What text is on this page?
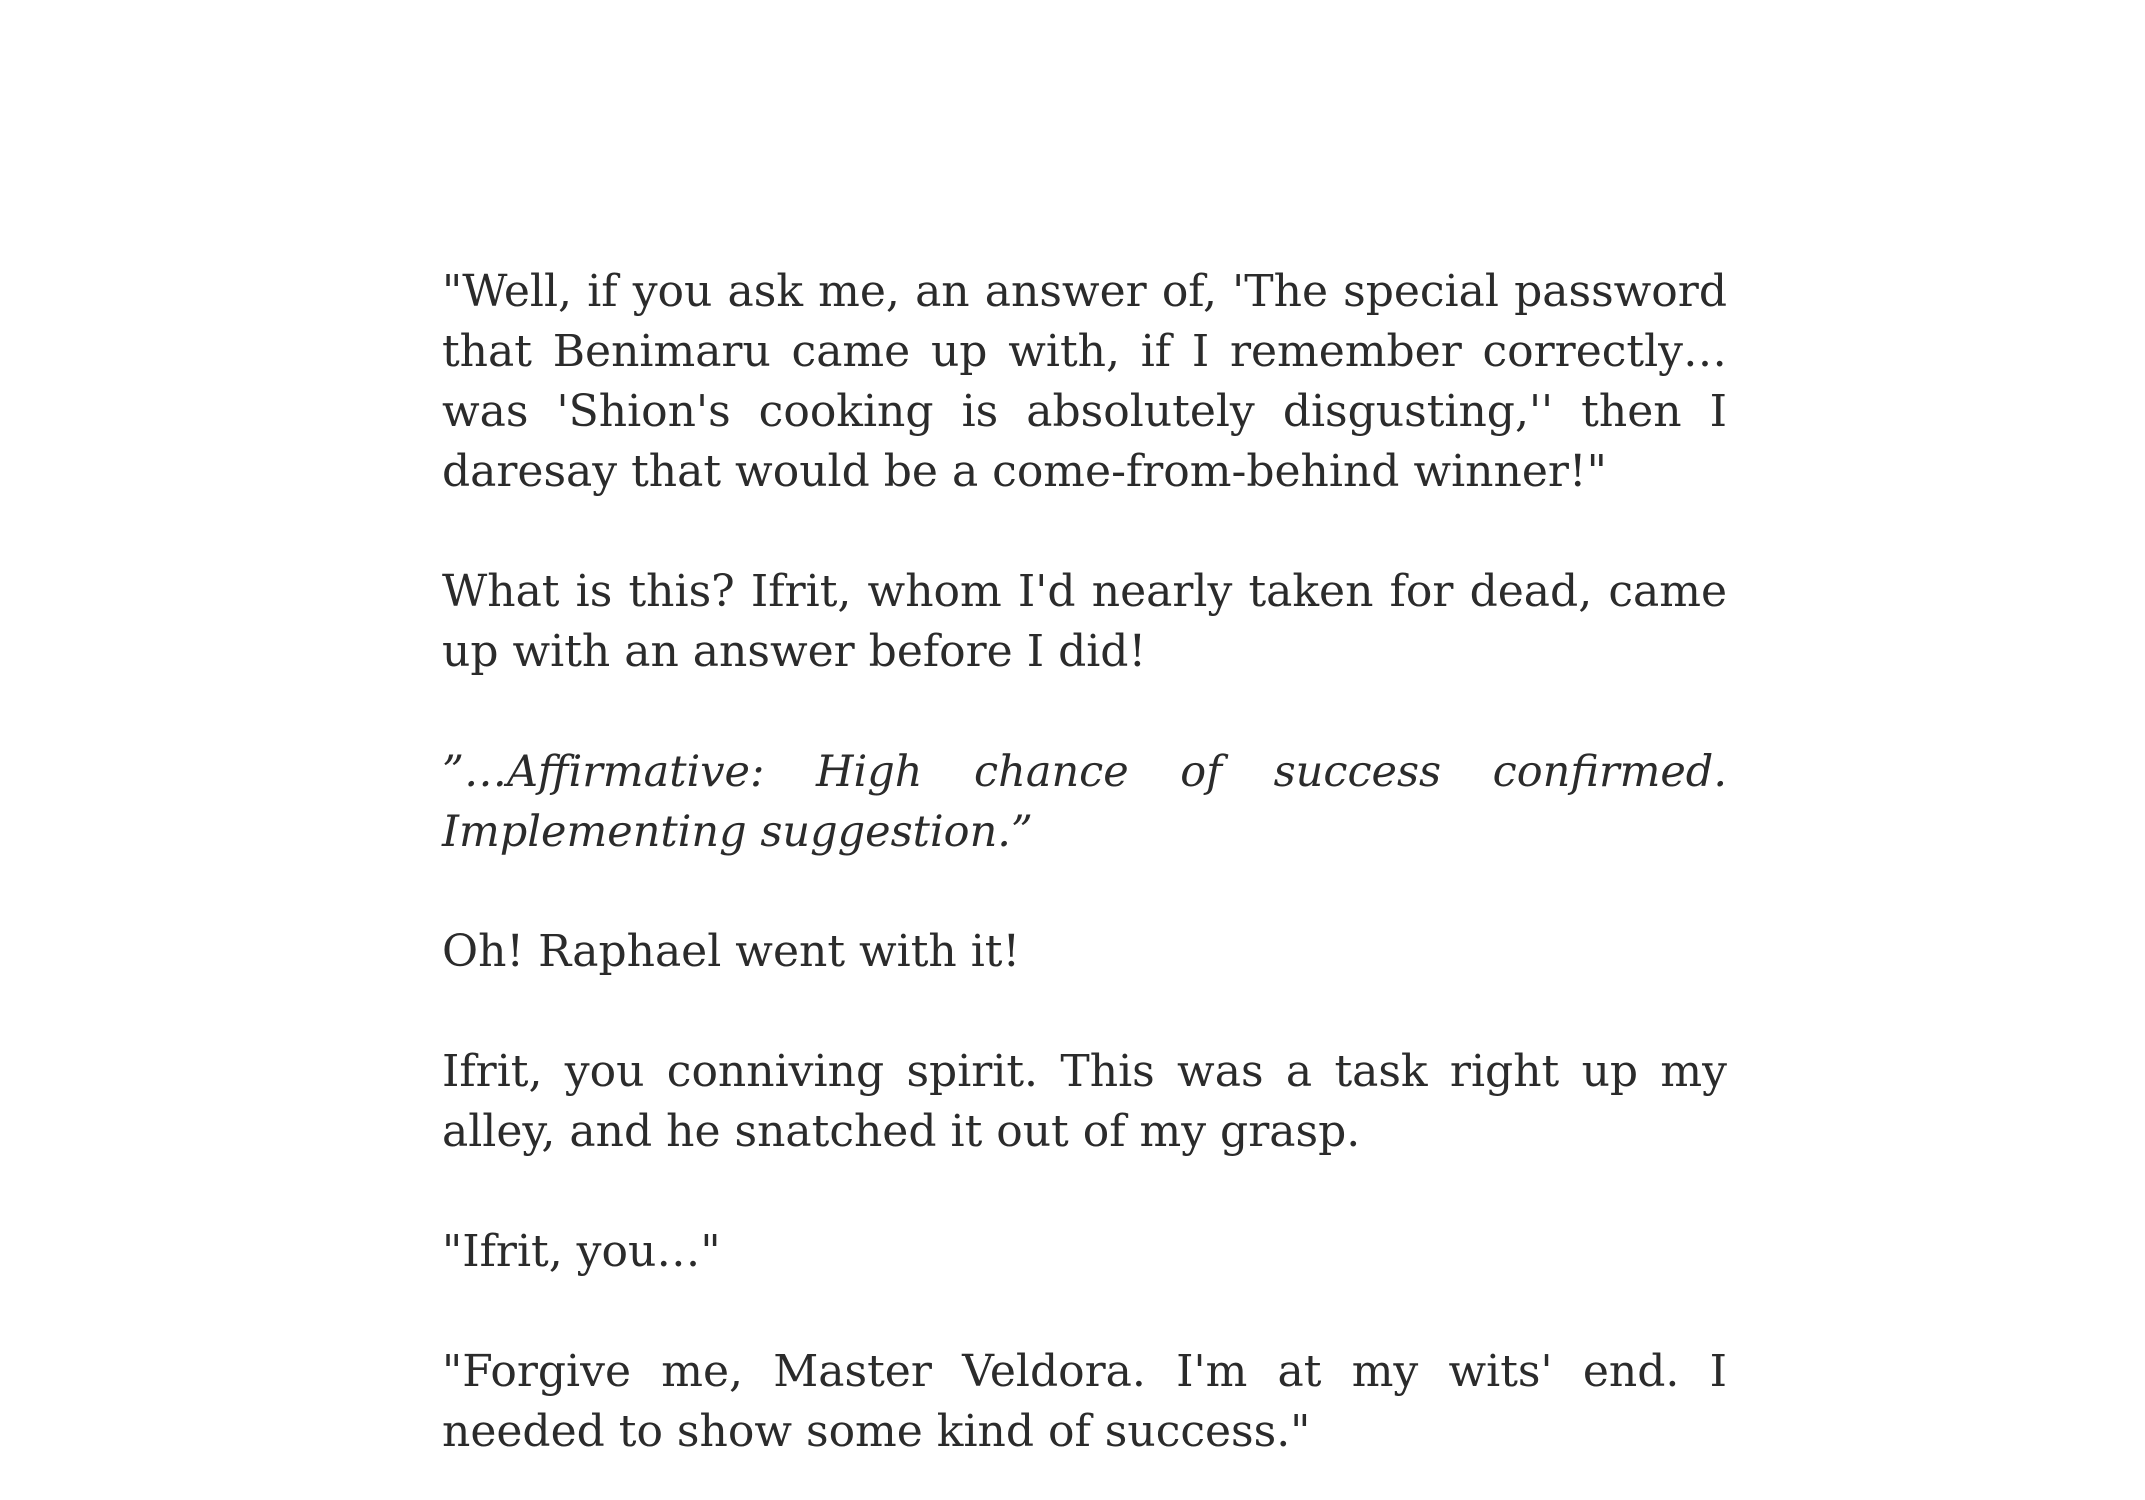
"Well, if you ask me, an answer of, 'The special password that Benimaru came up with, if I remember correctly…was 'Shion's cooking is absolutely disgusting,'' then I daresay that would be a come-from-behind winner!"

What is this? Ifrit, whom I'd nearly taken for dead, came up with an answer before I did!

”…Affirmative: High chance of success confirmed. Implementing suggestion.”

Oh! Raphael went with it!

Ifrit, you conniving spirit. This was a task right up my alley, and he snatched it out of my grasp.

"Ifrit, you…"

"Forgive me, Master Veldora. I'm at my wits' end. I needed to show some kind of success."
